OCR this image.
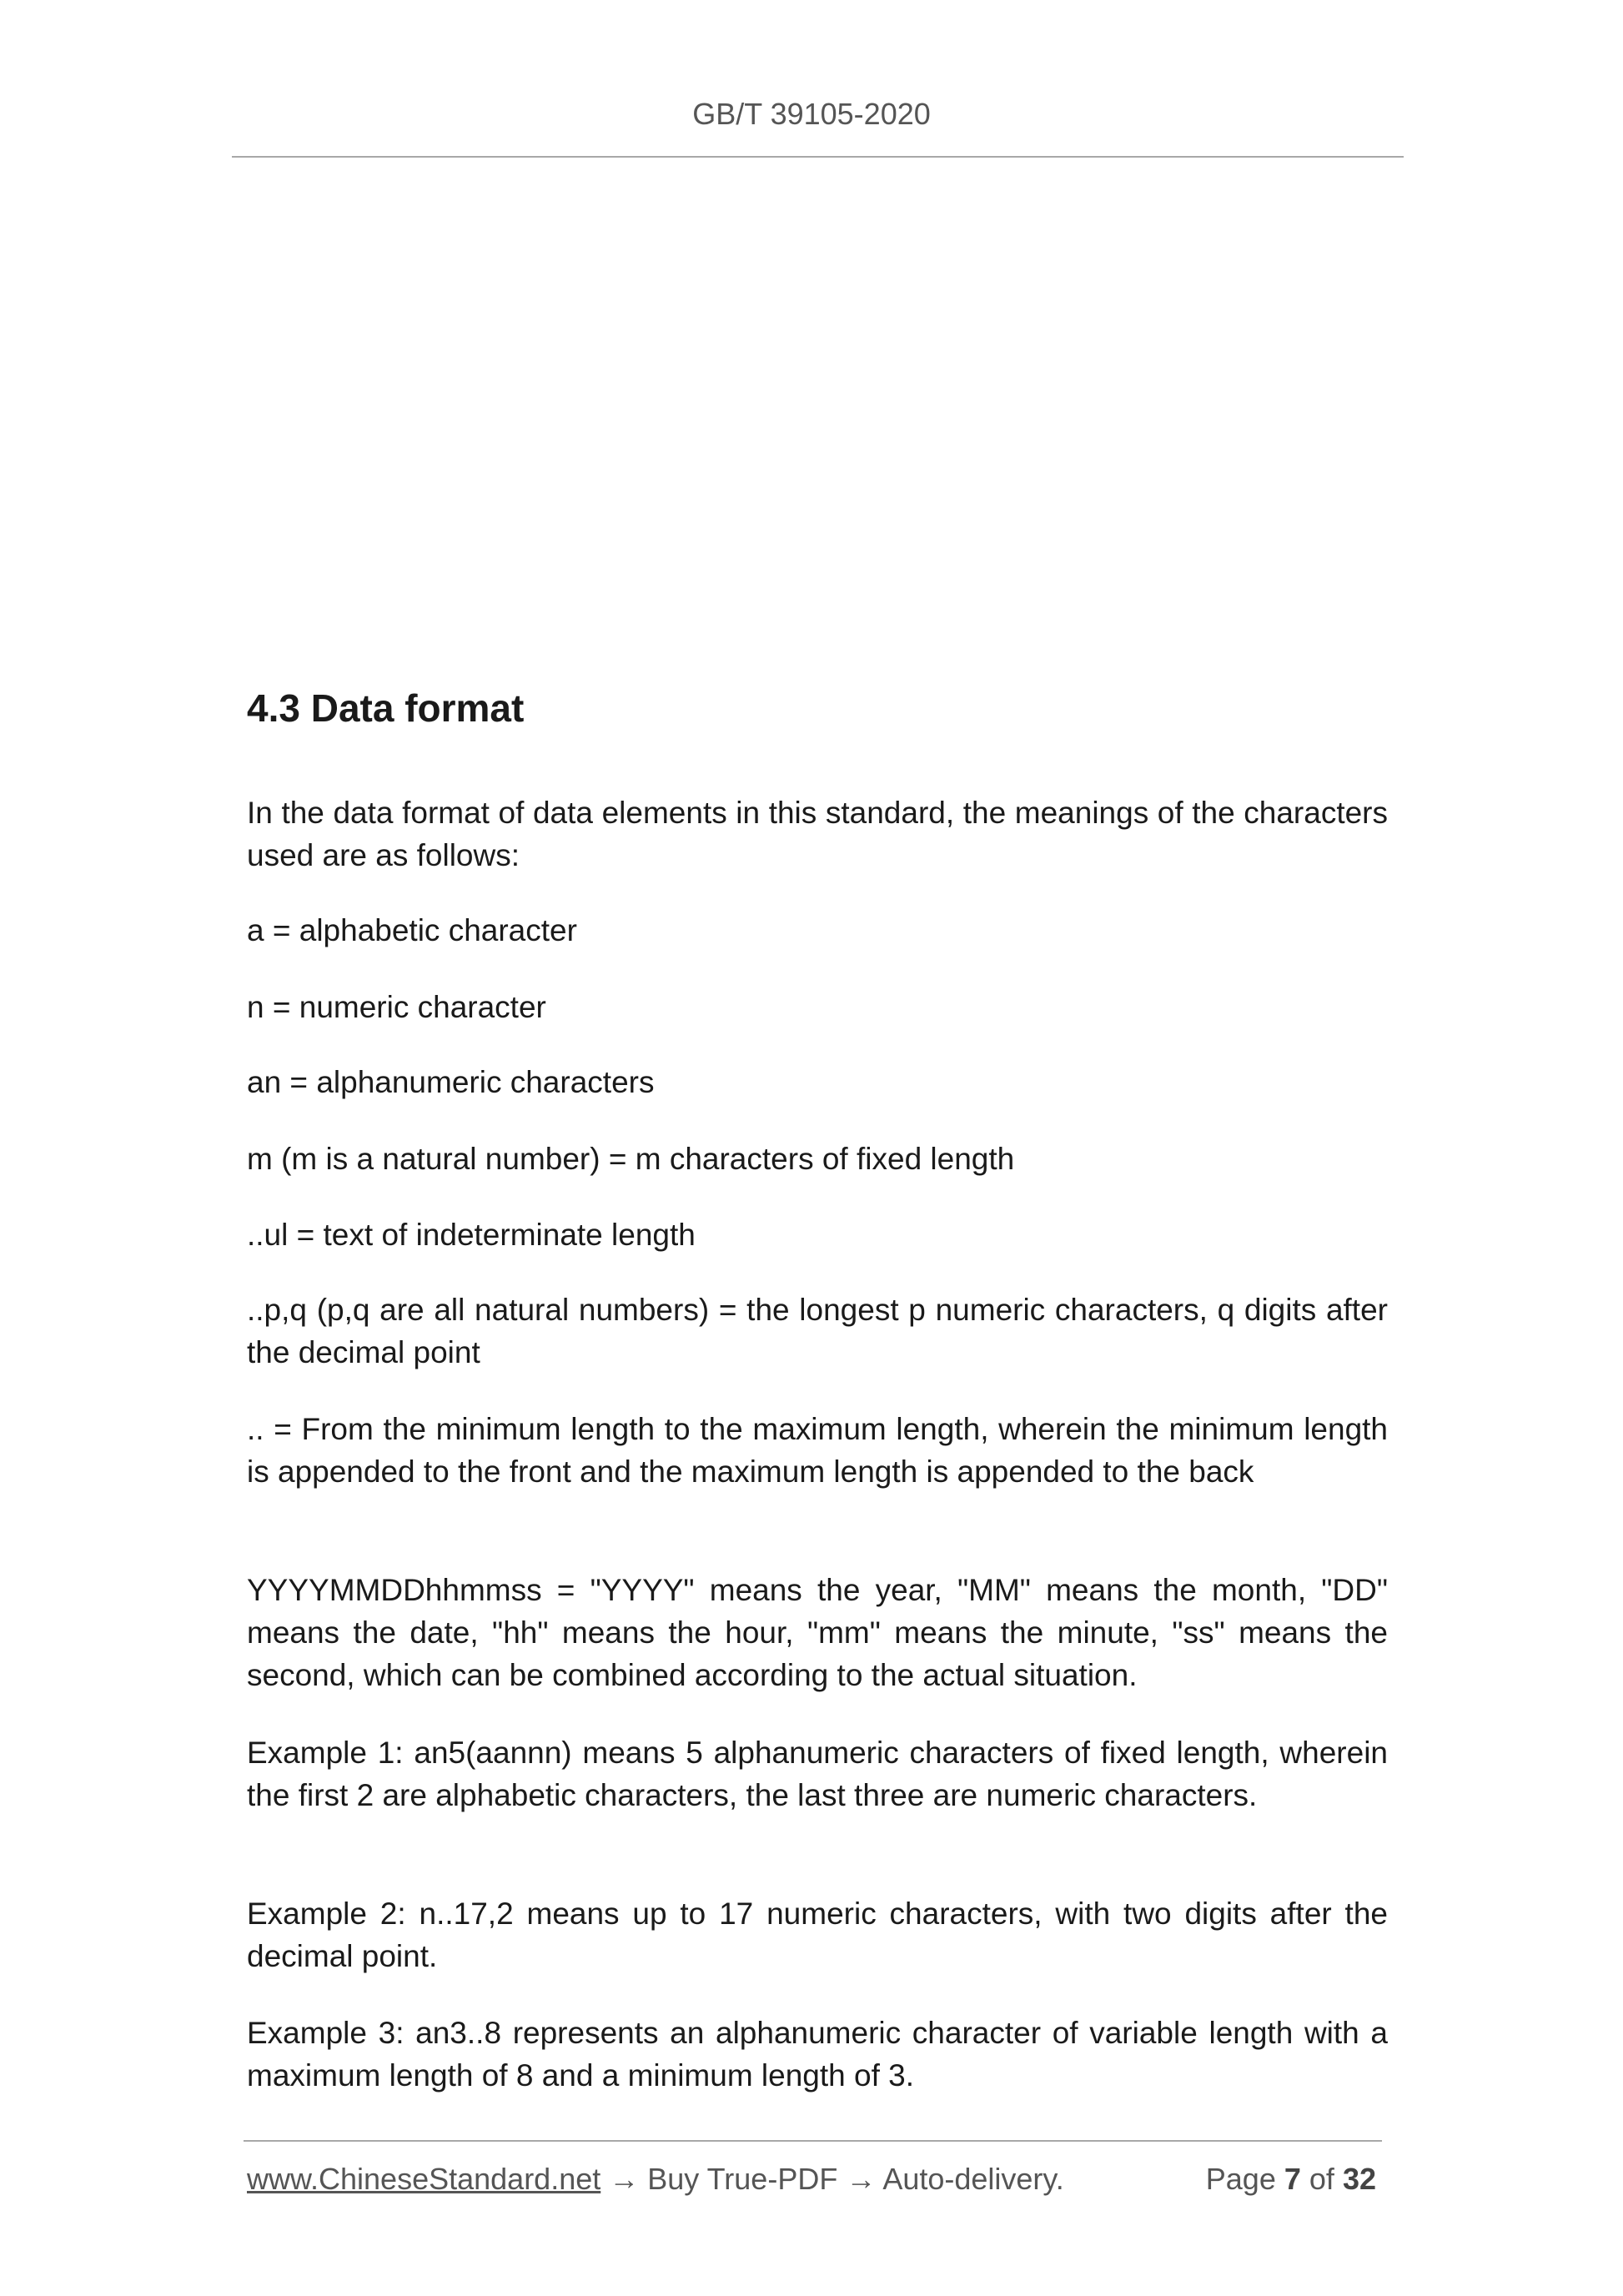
GB/T 39105-2020
4.3 Data format
In the data format of data elements in this standard, the meanings of the characters used are as follows:
a = alphabetic character
n = numeric character
an = alphanumeric characters
m (m is a natural number) = m characters of fixed length
..ul = text of indeterminate length
..p,q (p,q are all natural numbers) = the longest p numeric characters, q digits after the decimal point
.. = From the minimum length to the maximum length, wherein the minimum length is appended to the front and the maximum length is appended to the back
YYYYMMDDhhmmss = "YYYY" means the year, "MM" means the month, "DD" means the date, "hh" means the hour, "mm" means the minute, "ss" means the second, which can be combined according to the actual situation.
Example 1: an5(aannn) means 5 alphanumeric characters of fixed length, wherein the first 2 are alphabetic characters, the last three are numeric characters.
Example 2: n..17,2 means up to 17 numeric characters, with two digits after the decimal point.
Example 3: an3..8 represents an alphanumeric character of variable length with a maximum length of 8 and a minimum length of 3.
www.ChineseStandard.net → Buy True-PDF → Auto-delivery.	Page 7 of 32
